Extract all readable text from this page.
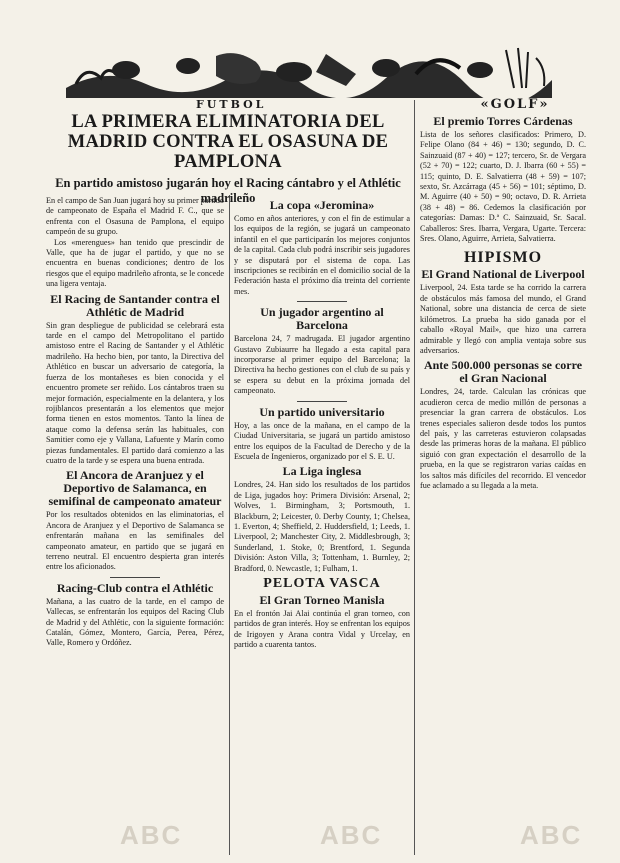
FUTBOL	«GOLF»
LA PRIMERA ELIMINATORIA DEL MADRID CONTRA EL OSASUNA DE PAMPLONA
En partido amistoso jugarán hoy el Racing cántabro y el Athlétic madrileño

En el campo de San Juan jugará hoy su primer partido de campeonato de España el Madrid F. C., que se enfrenta con el Osasuna de Pamplona, el equipo campeón de su grupo.

Los «merengues» han tenido que prescindir de Valle, que ha de jugar el partido, y que no se encuentra en buenas condiciones; dentro de los riesgos que el equipo madrileño afronta, se le concede una ligera ventaja.

El Racing de Santander contra el Athlétic de Madrid

Sin gran despliegue de publicidad se celebrará esta tarde en el campo del Metropolitano el partido amistoso entre el Racing de Santander y el Athlétic madrileño. Ha hecho bien, por tanto, la Directiva del Athlético en buscar un adversario de categoría, la fuerza de los montañeses es bien conocida y el encuentro promete ser reñido. Los cántabros traen su mejor formación, especialmente en la delantera, y los rojiblancos presentarán a los elementos que mejor forma tienen en estos momentos. Tanto la línea de ataque como la defensa serán las habituales, con Samitier como eje y Vallana, Lafuente y Marín como piezas fundamentales. El partido dará comienzo a las cuatro de la tarde y se espera una buena entrada.

El Ancora de Aranjuez y el Deportivo de Salamanca, en semifinal de campeonato amateur

Por los resultados obtenidos en las eliminatorias, el Ancora de Aranjuez y el Deportivo de Salamanca se enfrentarán mañana en las semifinales del campeonato amateur, en partido que se jugará en terreno neutral. El encuentro despierta gran interés entre los aficionados.

Racing-Club contra el Athlétic

Mañana, a las cuatro de la tarde, en el campo de Vallecas, se enfrentarán los equipos del Racing Club de Madrid y del Athlétic, con la siguiente formación: Catalán, Gómez, Montero, García, Perea, Pérez, Valle, Romero y Ordóñez.

La copa «Jeromina»

Como en años anteriores, y con el fin de estimular a los equipos de la región, se jugará un campeonato infantil en el que participarán los mejores conjuntos de la capital. Cada club podrá inscribir seis jugadores y se disputará por el sistema de copa. Las inscripciones se recibirán en el domicilio social de la Federación hasta el próximo día treinta del corriente mes.

Un jugador argentino al Barcelona

Barcelona 24, 7 madrugada. El jugador argentino Gustavo Zubiaurre ha llegado a esta capital para incorporarse al primer equipo del Barcelona; la Directiva ha hecho gestiones con el club de su país y se espera su debut en la próxima jornada del campeonato.

Un partido universitario

Hoy, a las once de la mañana, en el campo de la Ciudad Universitaria, se jugará un partido amistoso entre los equipos de la Facultad de Derecho y de la Escuela de Ingenieros, organizado por el S. E. U.

La Liga inglesa

Londres, 24. Han sido los resultados de los partidos de Liga, jugados hoy: Primera División: Arsenal, 2; Wolves, 1. Birmingham, 3; Portsmouth, 1. Blackburn, 2; Leicester, 0. Derby County, 1; Chelsea, 1. Everton, 4; Sheffield, 2. Huddersfield, 1; Leeds, 1. Liverpool, 2; Manchester City, 2. Middlesbrough, 3; Sunderland, 1. Stoke, 0; Brentford, 1. Segunda División: Aston Villa, 3; Tottenham, 1. Burnley, 2; Bradford, 0. Newcastle, 1; Fulham, 1.

PELOTA VASCA
El Gran Torneo Manisla

En el frontón Jai Alai continúa el gran torneo, con partidos de gran interés. Hoy se enfrentan los equipos de Irigoyen y Arana contra Vidal y Urcelay, en partido a cuarenta tantos.

El premio Torres Cárdenas

Lista de los señores clasificados: Primero, D. Felipe Olano (84 + 46) = 130; segundo, D. C. Sainzuaid (87 + 40) = 127; tercero, Sr. de Vergara (52 + 70) = 122; cuarto, D. J. Ibarra (60 + 55) = 115; quinto, D. E. Salvatierra (48 + 59) = 107; sexto, Sr. Azcárraga (45 + 56) = 101; séptimo, D. M. Aguirre (40 + 50) = 90; octavo, D. R. Arrieta (38 + 48) = 86. Cedemos la clasificación por categorías: Damas: D.ª C. Sainzuaid, Sr. Sacal. Caballeros: Sres. Ibarra, Vergara, Ugarte. Tercera: Sres. Olano, Aguirre, Arrieta, Salvatierra.

HIPISMO
El Grand National de Liverpool

Liverpool, 24. Esta tarde se ha corrido la carrera de obstáculos más famosa del mundo, el Grand National, sobre una distancia de cerca de siete kilómetros. La prueba ha sido ganada por el caballo «Royal Mail», que hizo una carrera admirable y llegó con amplia ventaja sobre sus adversarios.

Ante 500.000 personas se corre el Gran Nacional

Londres, 24, tarde. Calculan las crónicas que acudieron cerca de medio millón de personas a presenciar la gran carrera de obstáculos. Los trenes especiales salieron desde todos los puntos del país, y las carreteras estuvieron colapsadas desde las primeras horas de la mañana. El público siguió con gran expectación el desarrollo de la prueba, en la que se registraron varias caídas en los saltos más difíciles del recorrido. El vencedor fue aclamado a su llegada a la meta.

ABC	ABC	ABC
